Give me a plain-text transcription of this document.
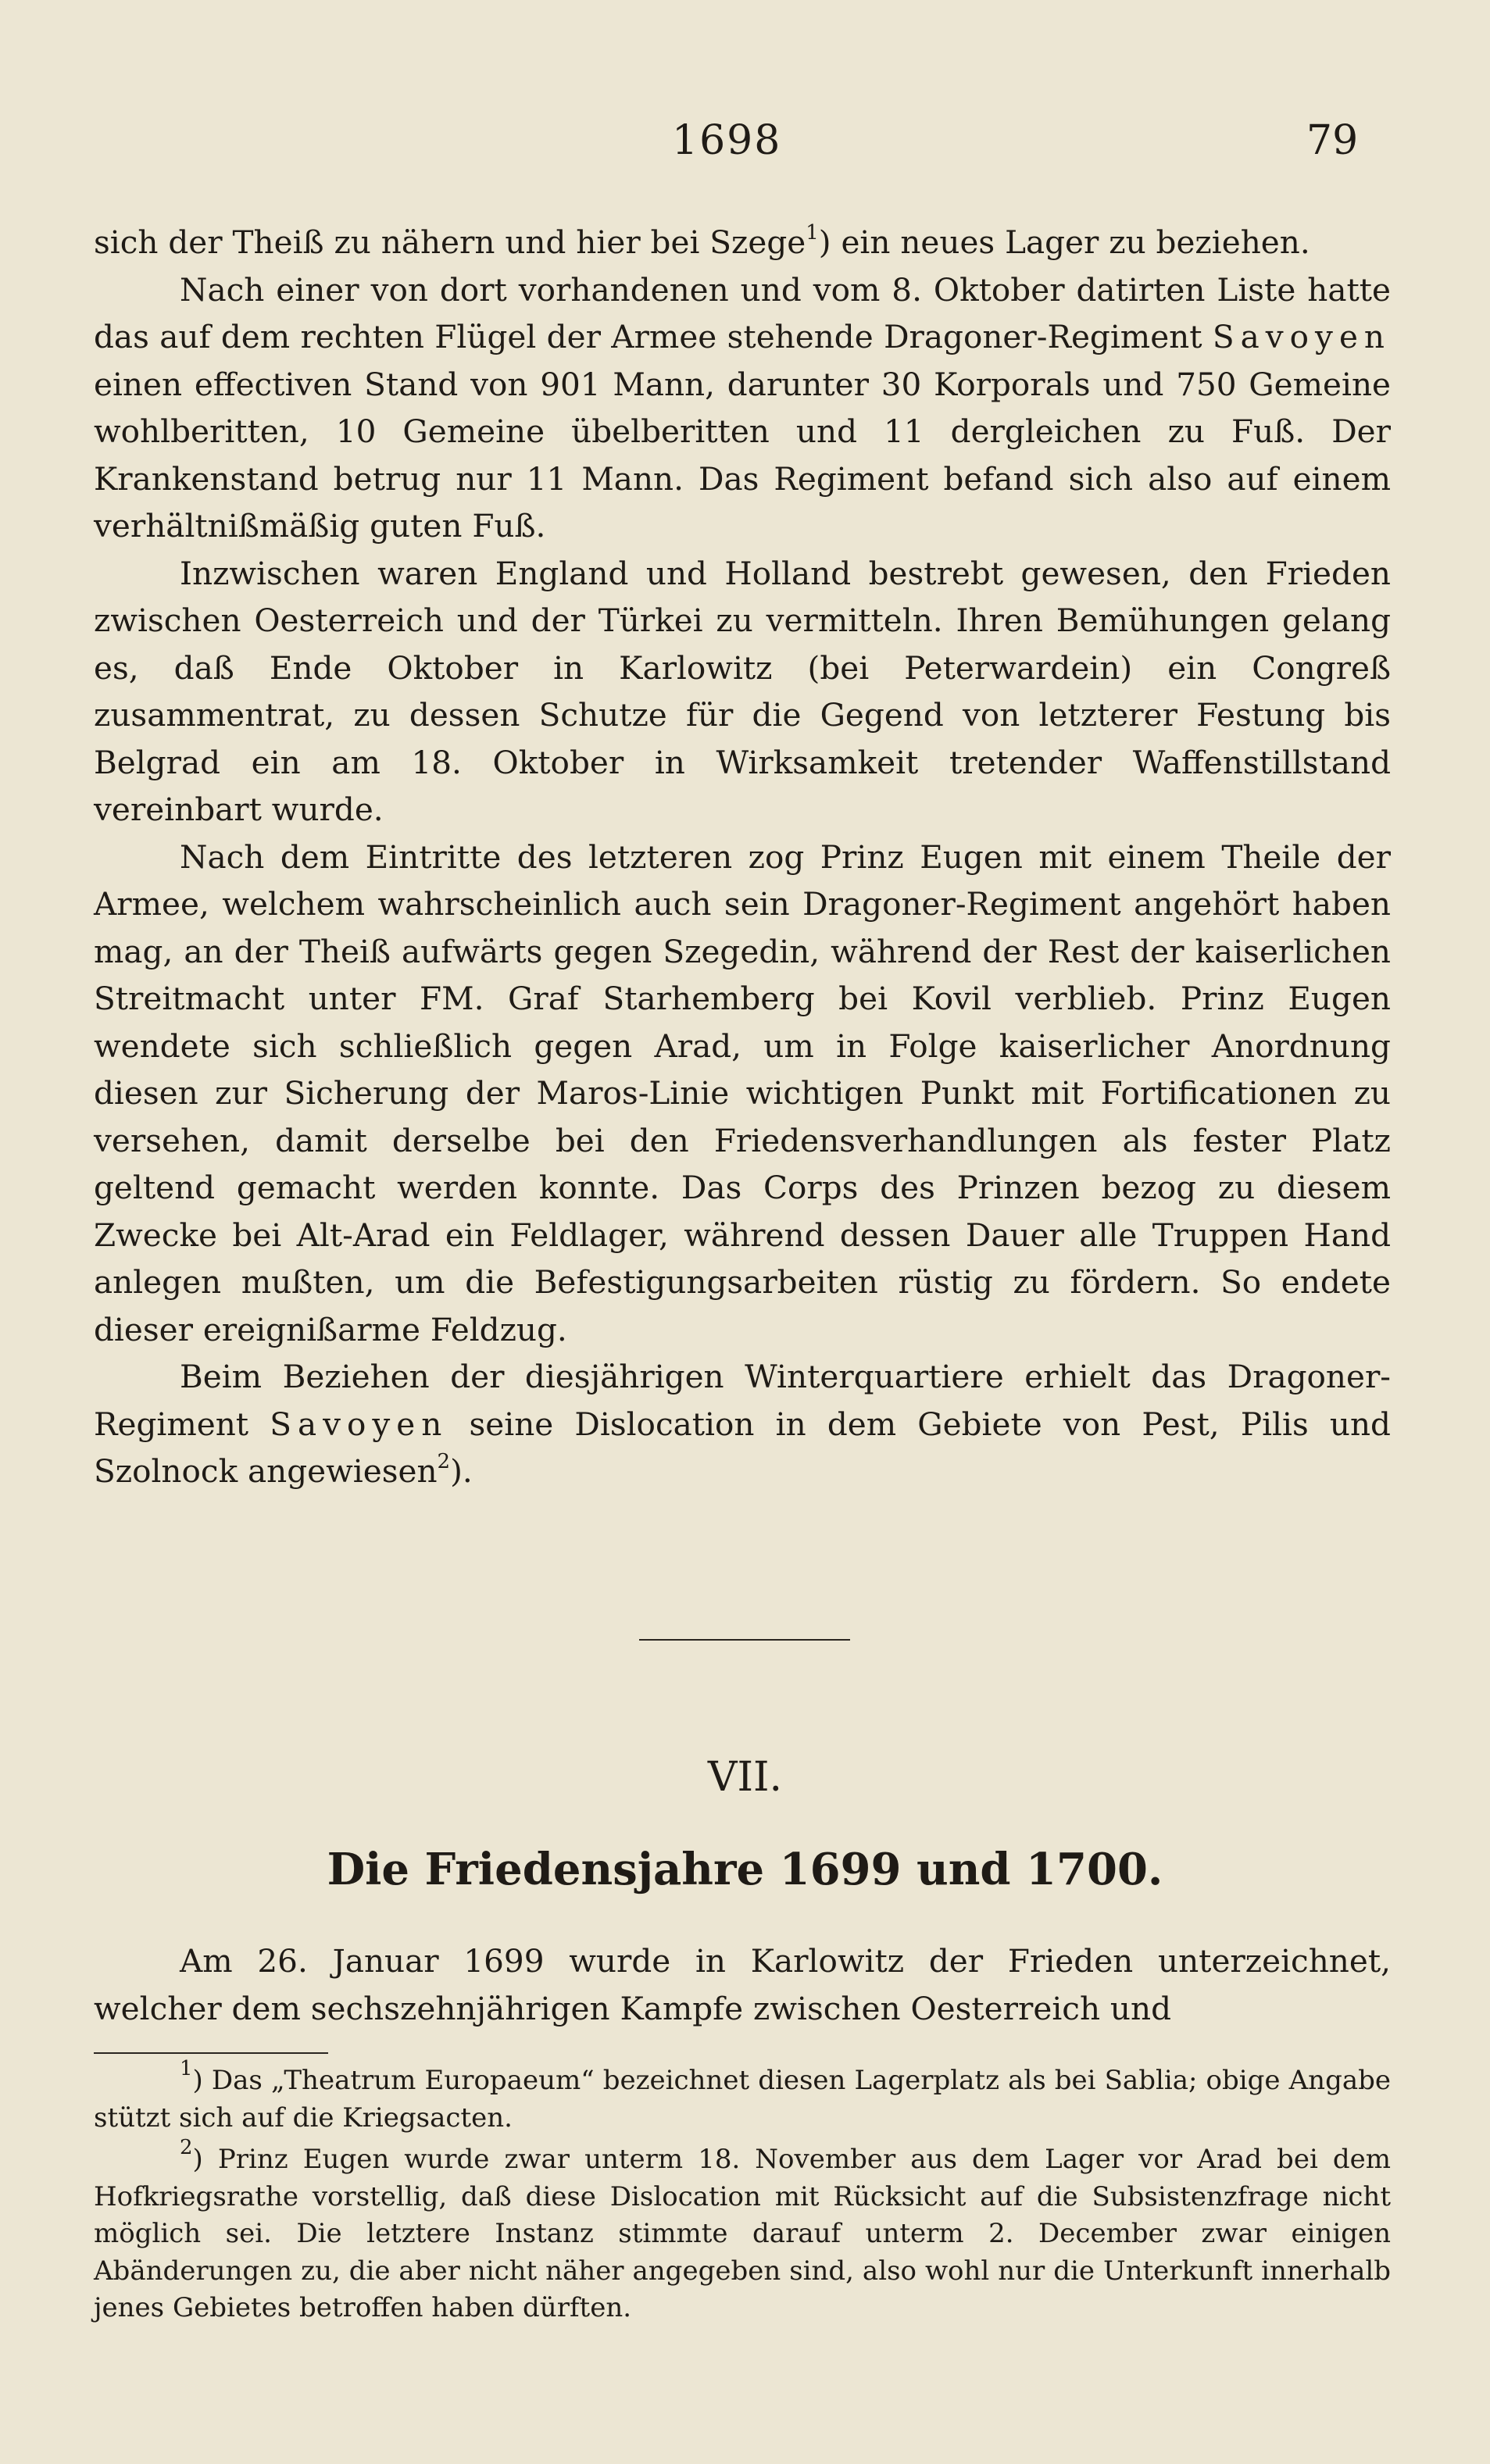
1698	79

sich der Theiß zu nähern und hier bei Szege$^1$) ein neues Lager zu beziehen.

Nach einer von dort vorhandenen und vom 8. Oktober datirten Liste hatte das auf dem rechten Flügel der Armee stehende Dragoner-Regiment Savoyen einen effectiven Stand von 901 Mann, darunter 30 Korporals und 750 Gemeine wohlberitten, 10 Gemeine übelberitten und 11 dergleichen zu Fuß. Der Krankenstand betrug nur 11 Mann. Das Regiment befand sich also auf einem verhältnißmäßig guten Fuß.

Inzwischen waren England und Holland bestrebt gewesen, den Frieden zwischen Oesterreich und der Türkei zu vermitteln. Ihren Bemühungen gelang es, daß Ende Oktober in Karlowitz (bei Peterwardein) ein Congreß zusammentrat, zu dessen Schutze für die Gegend von letzterer Festung bis Belgrad ein am 18. Oktober in Wirksamkeit tretender Waffenstillstand vereinbart wurde.

Nach dem Eintritte des letzteren zog Prinz Eugen mit einem Theile der Armee, welchem wahrscheinlich auch sein Dragoner-Regiment angehört haben mag, an der Theiß aufwärts gegen Szegedin, während der Rest der kaiserlichen Streitmacht unter FM. Graf Starhemberg bei Kovil verblieb. Prinz Eugen wendete sich schließlich gegen Arad, um in Folge kaiserlicher Anordnung diesen zur Sicherung der Maros-Linie wichtigen Punkt mit Fortificationen zu versehen, damit derselbe bei den Friedensverhandlungen als fester Platz geltend gemacht werden konnte. Das Corps des Prinzen bezog zu diesem Zwecke bei Alt-Arad ein Feldlager, während dessen Dauer alle Truppen Hand anlegen mußten, um die Befestigungsarbeiten rüstig zu fördern. So endete dieser ereignißarme Feldzug.

Beim Beziehen der diesjährigen Winterquartiere erhielt das Dragoner-Regiment Savoyen seine Dislocation in dem Gebiete von Pest, Pilis und Szolnock angewiesen$^2$).

VII.
Die Friedensjahre 1699 und 1700.

Am 26. Januar 1699 wurde in Karlowitz der Frieden unterzeichnet, welcher dem sechszehnjährigen Kampfe zwischen Oesterreich und

$^1$) Das „Theatrum Europaeum“ bezeichnet diesen Lagerplatz als bei Sablia; obige Angabe stützt sich auf die Kriegsacten.

$^2$) Prinz Eugen wurde zwar unterm 18. November aus dem Lager vor Arad bei dem Hofkriegsrathe vorstellig, daß diese Dislocation mit Rücksicht auf die Subsistenzfrage nicht möglich sei. Die letztere Instanz stimmte darauf unterm 2. December zwar einigen Abänderungen zu, die aber nicht näher angegeben sind, also wohl nur die Unterkunft innerhalb jenes Gebietes betroffen haben dürften.
